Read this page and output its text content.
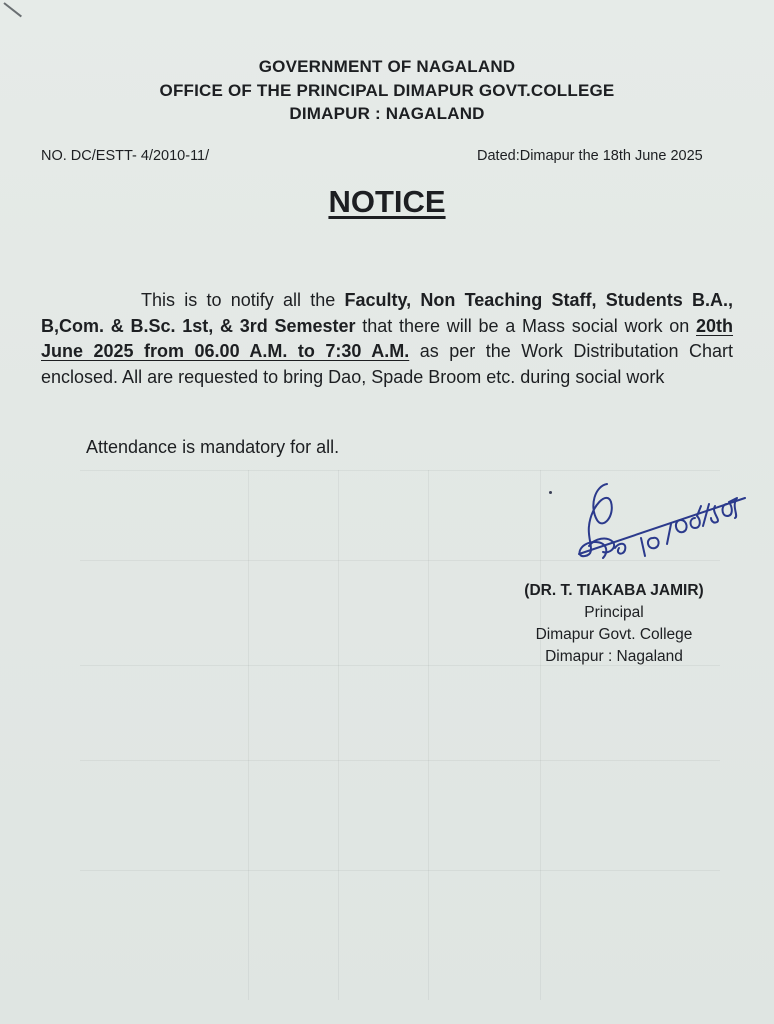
GOVERNMENT OF NAGALAND
OFFICE OF THE PRINCIPAL DIMAPUR GOVT.COLLEGE
DIMAPUR : NAGALAND
NO. DC/ESTT- 4/2010-11/	Dated:Dimapur the 18th June 2025
NOTICE
This is to notify all the Faculty, Non Teaching Staff, Students B.A., B,Com. & B.Sc. 1st, & 3rd Semester that there will be a Mass social work on 20th June 2025 from 06.00 A.M. to 7:30 A.M. as per the Work Distributation Chart enclosed. All are requested to bring Dao, Spade Broom etc. during social work
Attendance is mandatory for all.
(DR. T. TIAKABA JAMIR)
Principal
Dimapur Govt. College
Dimapur : Nagaland
